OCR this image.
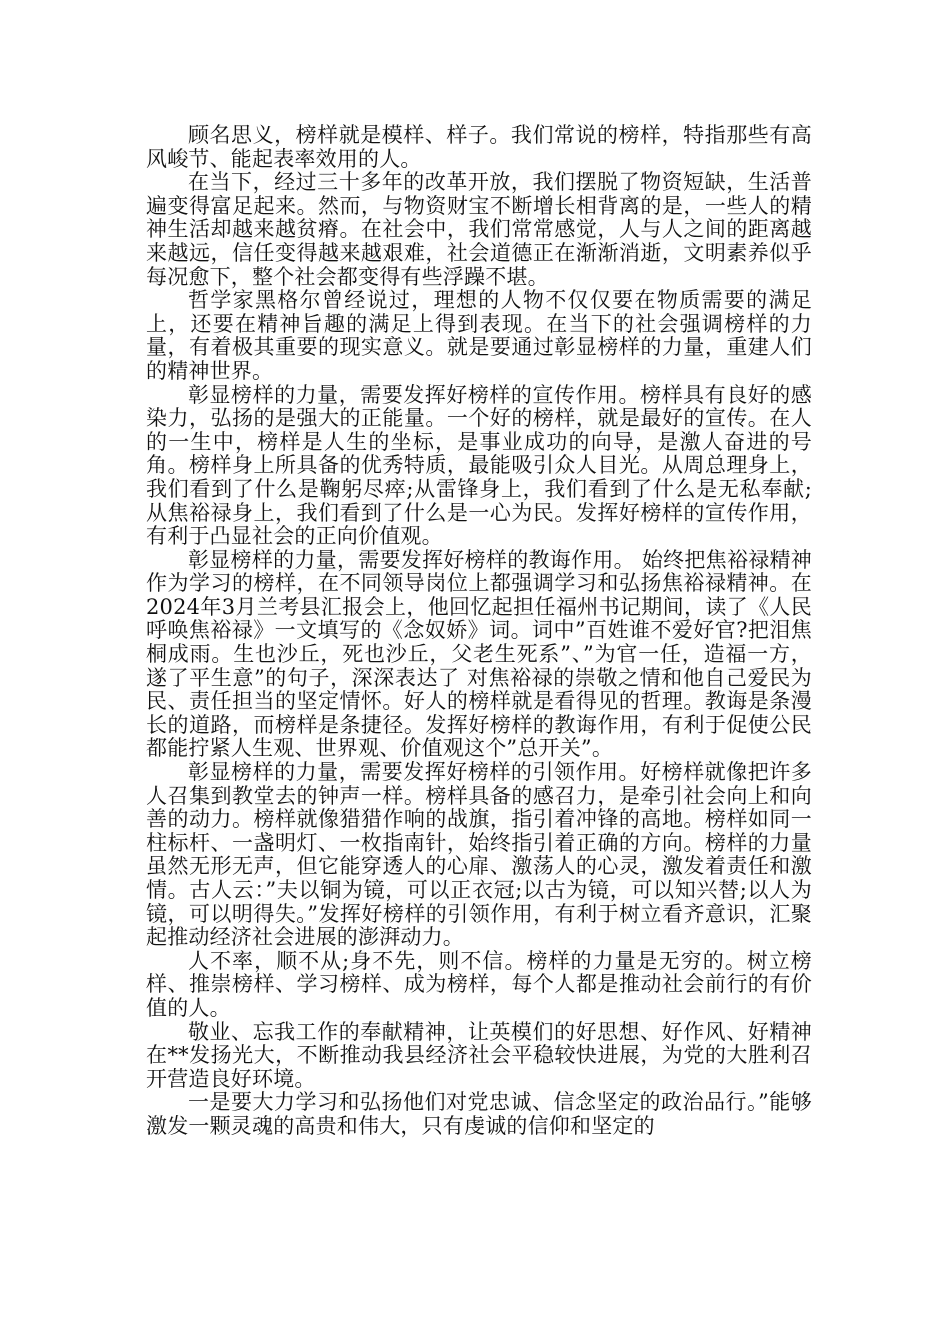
顾名思义，榜样就是模样、样子。我们常说的榜样，特指那些有高风峻节、能起表率效用的人。

在当下，经过三十多年的改革开放，我们摆脱了物资短缺，生活普遍变得富足起来。然而，与物资财宝不断增长相背离的是，一些人的精神生活却越来越贫瘠。在社会中，我们常常感觉，人与人之间的距离越来越远，信任变得越来越艰难，社会道德正在渐渐消逝，文明素养似乎每况愈下，整个社会都变得有些浮躁不堪。

哲学家黑格尔曾经说过，理想的人物不仅仅要在物质需要的满足上，还要在精神旨趣的满足上得到表现。在当下的社会强调榜样的力量，有着极其重要的现实意义。就是要通过彰显榜样的力量，重建人们的精神世界。

彰显榜样的力量，需要发挥好榜样的宣传作用。榜样具有良好的感染力，弘扬的是强大的正能量。一个好的榜样，就是最好的宣传。在人的一生中，榜样是人生的坐标，是事业成功的向导，是激人奋进的号角。榜样身上所具备的优秀特质，最能吸引众人目光。从周总理身上，我们看到了什么是鞠躬尽瘁;从雷锋身上，我们看到了什么是无私奉献;从焦裕禄身上，我们看到了什么是一心为民。发挥好榜样的宣传作用，有利于凸显社会的正向价值观。

彰显榜样的力量，需要发挥好榜样的教诲作用。 始终把焦裕禄精神作为学习的榜样，在不同领导岗位上都强调学习和弘扬焦裕禄精神。在2024年3月兰考县汇报会上，他回忆起担任福州书记期间，读了《人民呼唤焦裕禄》一文填写的《念奴娇》词。词中”百姓谁不爱好官?把泪焦桐成雨。生也沙丘，死也沙丘，父老生死系”、”为官一任，造福一方，遂了平生意”的句子，深深表达了 对焦裕禄的崇敬之情和他自己爱民为民、责任担当的坚定情怀。好人的榜样就是看得见的哲理。教诲是条漫长的道路，而榜样是条捷径。发挥好榜样的教诲作用，有利于促使公民都能拧紧人生观、世界观、价值观这个”总开关”。

彰显榜样的力量，需要发挥好榜样的引领作用。好榜样就像把许多人召集到教堂去的钟声一样。榜样具备的感召力，是牵引社会向上和向善的动力。榜样就像猎猎作响的战旗，指引着冲锋的高地。榜样如同一柱标杆、一盏明灯、一枚指南针，始终指引着正确的方向。榜样的力量虽然无形无声，但它能穿透人的心扉、激荡人的心灵，激发着责任和激情。古人云：”夫以铜为镜，可以正衣冠;以古为镜，可以知兴替;以人为镜，可以明得失。”发挥好榜样的引领作用，有利于树立看齐意识，汇聚起推动经济社会进展的澎湃动力。

人不率，顺不从;身不先，则不信。榜样的力量是无穷的。树立榜样、推崇榜样、学习榜样、成为榜样，每个人都是推动社会前行的有价值的人。

敬业、忘我工作的奉献精神，让英模们的好思想、好作风、好精神在**发扬光大，不断推动我县经济社会平稳较快进展，为党的大胜利召开营造良好环境。

一是要大力学习和弘扬他们对党忠诚、信念坚定的政治品行。”能够激发一颗灵魂的高贵和伟大，只有虔诚的信仰和坚定的
